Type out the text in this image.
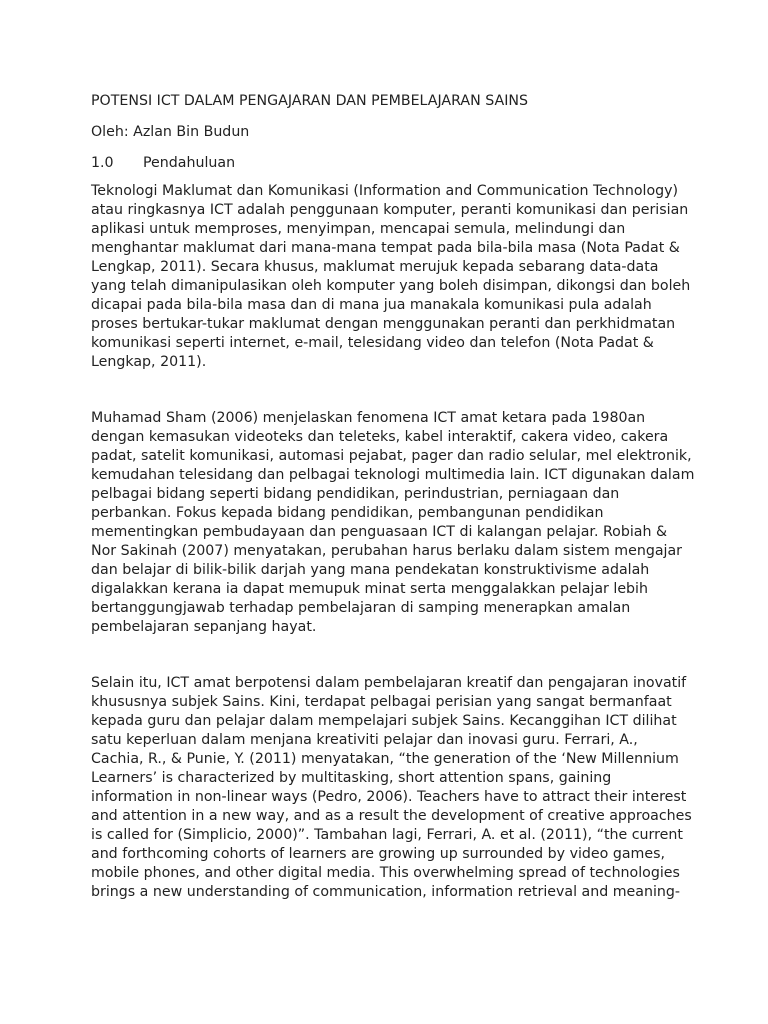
POTENSI ICT DALAM PENGAJARAN DAN PEMBELAJARAN SAINS
Oleh: Azlan Bin Budun
1.0	Pendahuluan
Teknologi Maklumat dan Komunikasi (Information and Communication Technology)
atau ringkasnya ICT adalah penggunaan komputer, peranti komunikasi dan perisian
aplikasi untuk memproses, menyimpan, mencapai semula, melindungi dan
menghantar maklumat dari mana-mana tempat pada bila-bila masa (Nota Padat &
Lengkap, 2011). Secara khusus, maklumat merujuk kepada sebarang data-data
yang telah dimanipulasikan oleh komputer yang boleh disimpan, dikongsi dan boleh
dicapai pada bila-bila masa dan di mana jua manakala komunikasi pula adalah
proses bertukar-tukar maklumat dengan menggunakan peranti dan perkhidmatan
komunikasi seperti internet, e-mail, telesidang video dan telefon (Nota Padat &
Lengkap, 2011).
Muhamad Sham (2006) menjelaskan fenomena ICT amat ketara pada 1980an
dengan kemasukan videoteks dan teleteks, kabel interaktif, cakera video, cakera
padat, satelit komunikasi, automasi pejabat, pager dan radio selular, mel elektronik,
kemudahan telesidang dan pelbagai teknologi multimedia lain. ICT digunakan dalam
pelbagai bidang seperti bidang pendidikan, perindustrian, perniagaan dan
perbankan. Fokus kepada bidang pendidikan, pembangunan pendidikan
mementingkan pembudayaan dan penguasaan ICT di kalangan pelajar. Robiah &
Nor Sakinah (2007) menyatakan, perubahan harus berlaku dalam sistem mengajar
dan belajar di bilik-bilik darjah yang mana pendekatan konstruktivisme adalah
digalakkan kerana ia dapat memupuk minat serta menggalakkan pelajar lebih
bertanggungjawab terhadap pembelajaran di samping menerapkan amalan
pembelajaran sepanjang hayat.
Selain itu, ICT amat berpotensi dalam pembelajaran kreatif dan pengajaran inovatif
khususnya subjek Sains. Kini, terdapat pelbagai perisian yang sangat bermanfaat
kepada guru dan pelajar dalam mempelajari subjek Sains. Kecanggihan ICT dilihat
satu keperluan dalam menjana kreativiti pelajar dan inovasi guru. Ferrari, A.,
Cachia, R., & Punie, Y. (2011) menyatakan, “the generation of the ‘New Millennium
Learners’ is characterized by multitasking, short attention spans, gaining
information in non-linear ways (Pedro, 2006). Teachers have to attract their interest
and attention in a new way, and as a result the development of creative approaches
is called for (Simplicio, 2000)”. Tambahan lagi, Ferrari, A. et al. (2011), “the current
and forthcoming cohorts of learners are growing up surrounded by video games,
mobile phones, and other digital media. This overwhelming spread of technologies
brings a new understanding of communication, information retrieval and meaning-
